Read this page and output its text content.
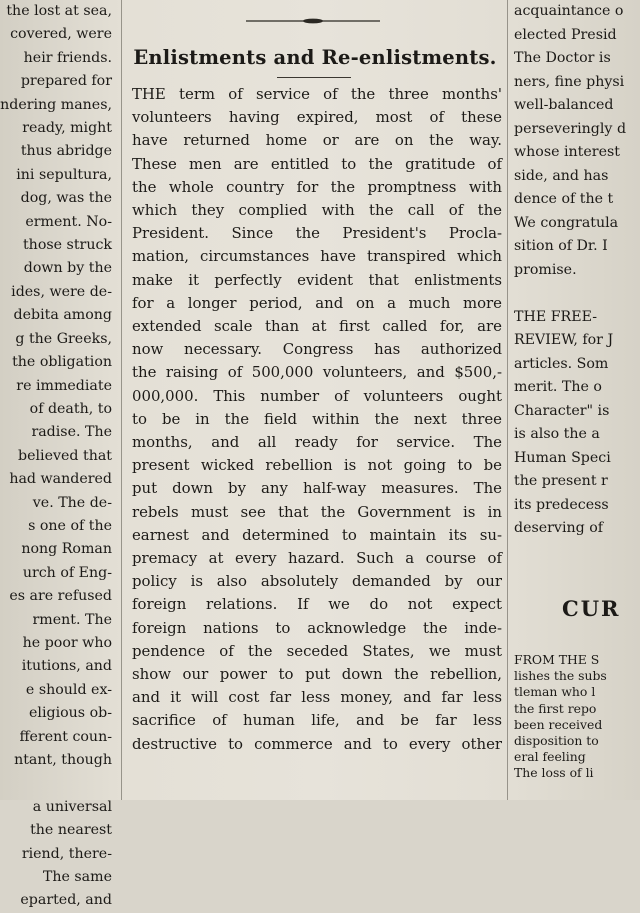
the lost at sea,
covered, were
heir friends.
prepared for
ndering manes,
ready, might
thus abridge
ini sepultura,
dog, was the
erment. No-
those struck
down by the
ides, were de-
debita among
g the Greeks,
the obligation
re immediate
of death, to
radise. The
believed that
had wandered
ve. The de-
s one of the
nong Roman
urch of Eng-
es are refused
rment. The
he poor who
itutions, and
e should ex-
eligious ob-
fferent coun-
ntant, though

a universal
the nearest
riend, there-
The same
eparted, and
Enlistments and Re-enlistments.
THE term of service of the three months'
volunteers having expired, most of these
have returned home or are on the way.
These men are entitled to the gratitude of
the whole country for the promptness with
which they complied with the call of the
President. Since the President's Procla-
mation, circumstances have transpired which
make it perfectly evident that enlistments
for a longer period, and on a much more
extended scale than at first called for, are
now necessary. Congress has authorized
the raising of 500,000 volunteers, and $500,-
000,000. This number of volunteers ought
to be in the field within the next three
months, and all ready for service. The
present wicked rebellion is not going to be
put down by any half-way measures. The
rebels must see that the Government is in
earnest and determined to maintain its su-
premacy at every hazard. Such a course of
policy is also absolutely demanded by our
foreign relations. If we do not expect
foreign nations to acknowledge the inde-
pendence of the seceded States, we must
show our power to put down the rebellion,
and it will cost far less money, and far less
sacrifice of human life, and be far less
destructive to commerce and to every other
acquaintance o
elected Presid
The Doctor is
ners, fine physi
well-balanced
perseveringly d
whose interest
side, and has
dence of the t
We congratula
sition of Dr. I
promise.

THE FREE-
REVIEW, for J
articles. Som
merit. The o
Character" is
is also the a
Human Speci
the present r
its predecess
deserving of
CUR
FROM THE S
lishes the subs
tleman who l
the first repo
been received
disposition to
eral feeling
The loss of li
